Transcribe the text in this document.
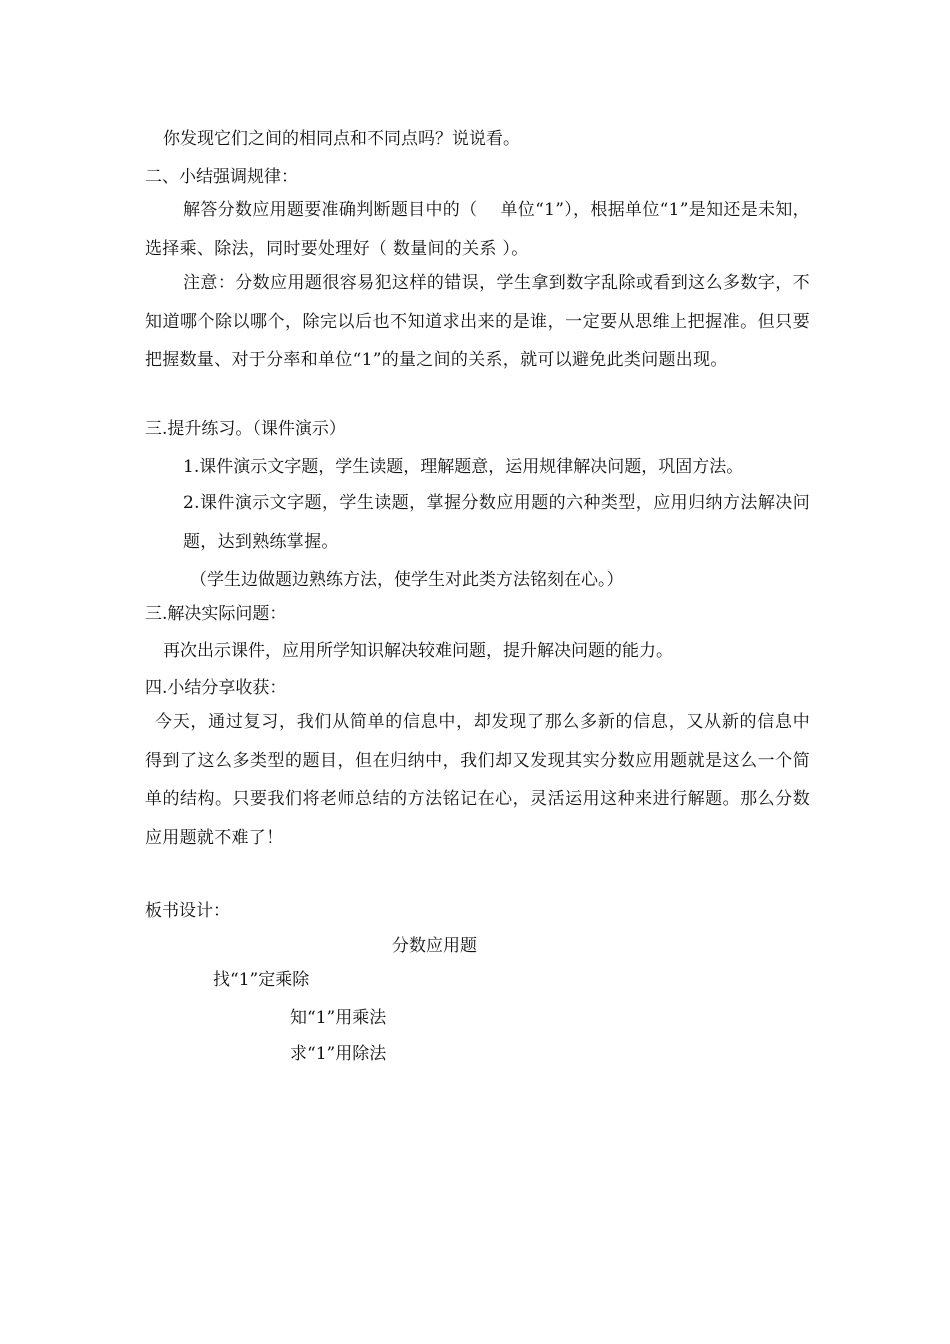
你发现它们之间的相同点和不同点吗？说说看。
二、小结强调规律：
解答分数应用题要准确判断题目中的（　 单位“1”），根据单位“1”是知还是未知，选择乘、除法，同时要处理好（ 数量间的关系 ）。
注意：分数应用题很容易犯这样的错误，学生拿到数字乱除或看到这么多数字，不知道哪个除以哪个，除完以后也不知道求出来的是谁，一定要从思维上把握准。但只要把握数量、对于分率和单位“1”的量之间的关系，就可以避免此类问题出现。
三.提升练习。（课件演示）
1.课件演示文字题，学生读题，理解题意，运用规律解决问题，巩固方法。
2.课件演示文字题，学生读题，掌握分数应用题的六种类型，应用归纳方法解决问题，达到熟练掌握。
（学生边做题边熟练方法，使学生对此类方法铭刻在心。）
三.解决实际问题：
再次出示课件，应用所学知识解决较难问题，提升解决问题的能力。
四.小结分享收获：
今天，通过复习，我们从简单的信息中，却发现了那么多新的信息，又从新的信息中得到了这么多类型的题目，但在归纳中，我们却又发现其实分数应用题就是这么一个简单的结构。只要我们将老师总结的方法铭记在心，灵活运用这种来进行解题。那么分数应用题就不难了！
板书设计：
分数应用题
找“1”定乘除
知“1”用乘法
求“1”用除法
